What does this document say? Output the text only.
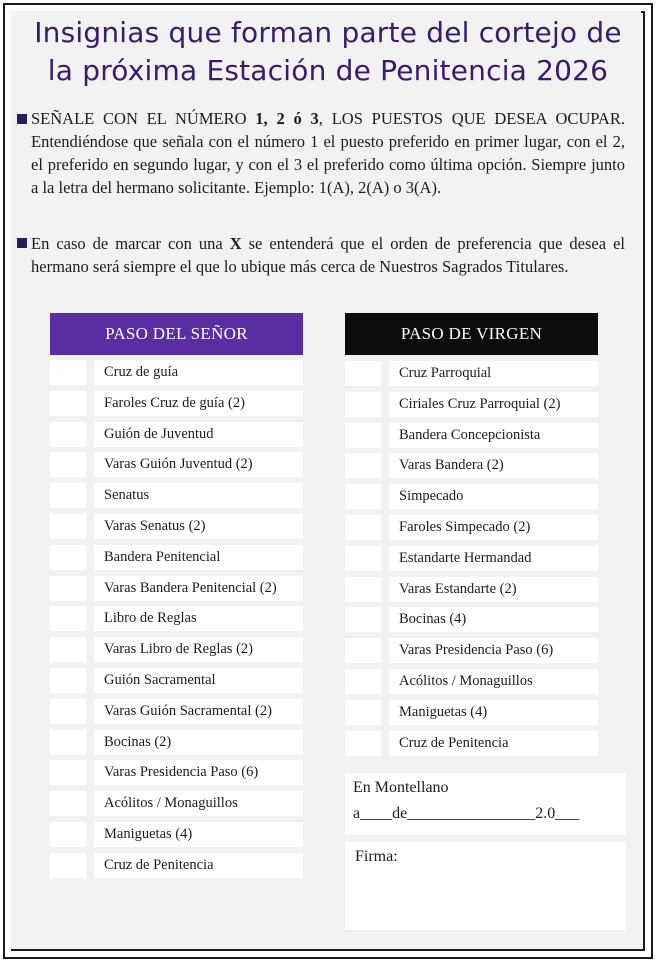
Insignias que forman parte del cortejo de
la próxima Estación de Penitencia 2026
SEÑALE CON EL NÚMERO 1, 2 ó 3, LOS PUESTOS QUE DESEA OCUPAR. Entendiéndose que señala con el número 1 el puesto preferido en primer lugar, con el 2, el preferido en segundo lugar, y con el 3 el preferido como última opción. Siempre junto a la letra del hermano solicitante. Ejemplo: 1(A), 2(A) o 3(A).
En caso de marcar con una X se entenderá que el orden de preferencia que desea el hermano será siempre el que lo ubique más cerca de Nuestros Sagrados Titulares.
PASO DEL SEÑOR	PASO DE VIRGEN
Cruz de guía
Faroles Cruz de guía (2)
Guión de Juventud
Varas Guión Juventud (2)
Senatus
Varas Senatus (2)
Bandera Penitencial
Varas Bandera Penitencial (2)
Libro de Reglas
Varas Libro de Reglas (2)
Guión Sacramental
Varas Guión Sacramental (2)
Bocinas (2)
Varas Presidencia Paso (6)
Acólitos / Monaguillos
Maniguetas (4)
Cruz de Penitencia
Cruz Parroquial
Ciriales Cruz Parroquial (2)
Bandera Concepcionista
Varas Bandera (2)
Simpecado
Faroles Simpecado (2)
Estandarte Hermandad
Varas Estandarte (2)
Bocinas (4)
Varas Presidencia Paso (6)
Acólitos / Monaguillos
Maniguetas (4)
Cruz de Penitencia
En Montellano
a____de________________2.0___
Firma:
